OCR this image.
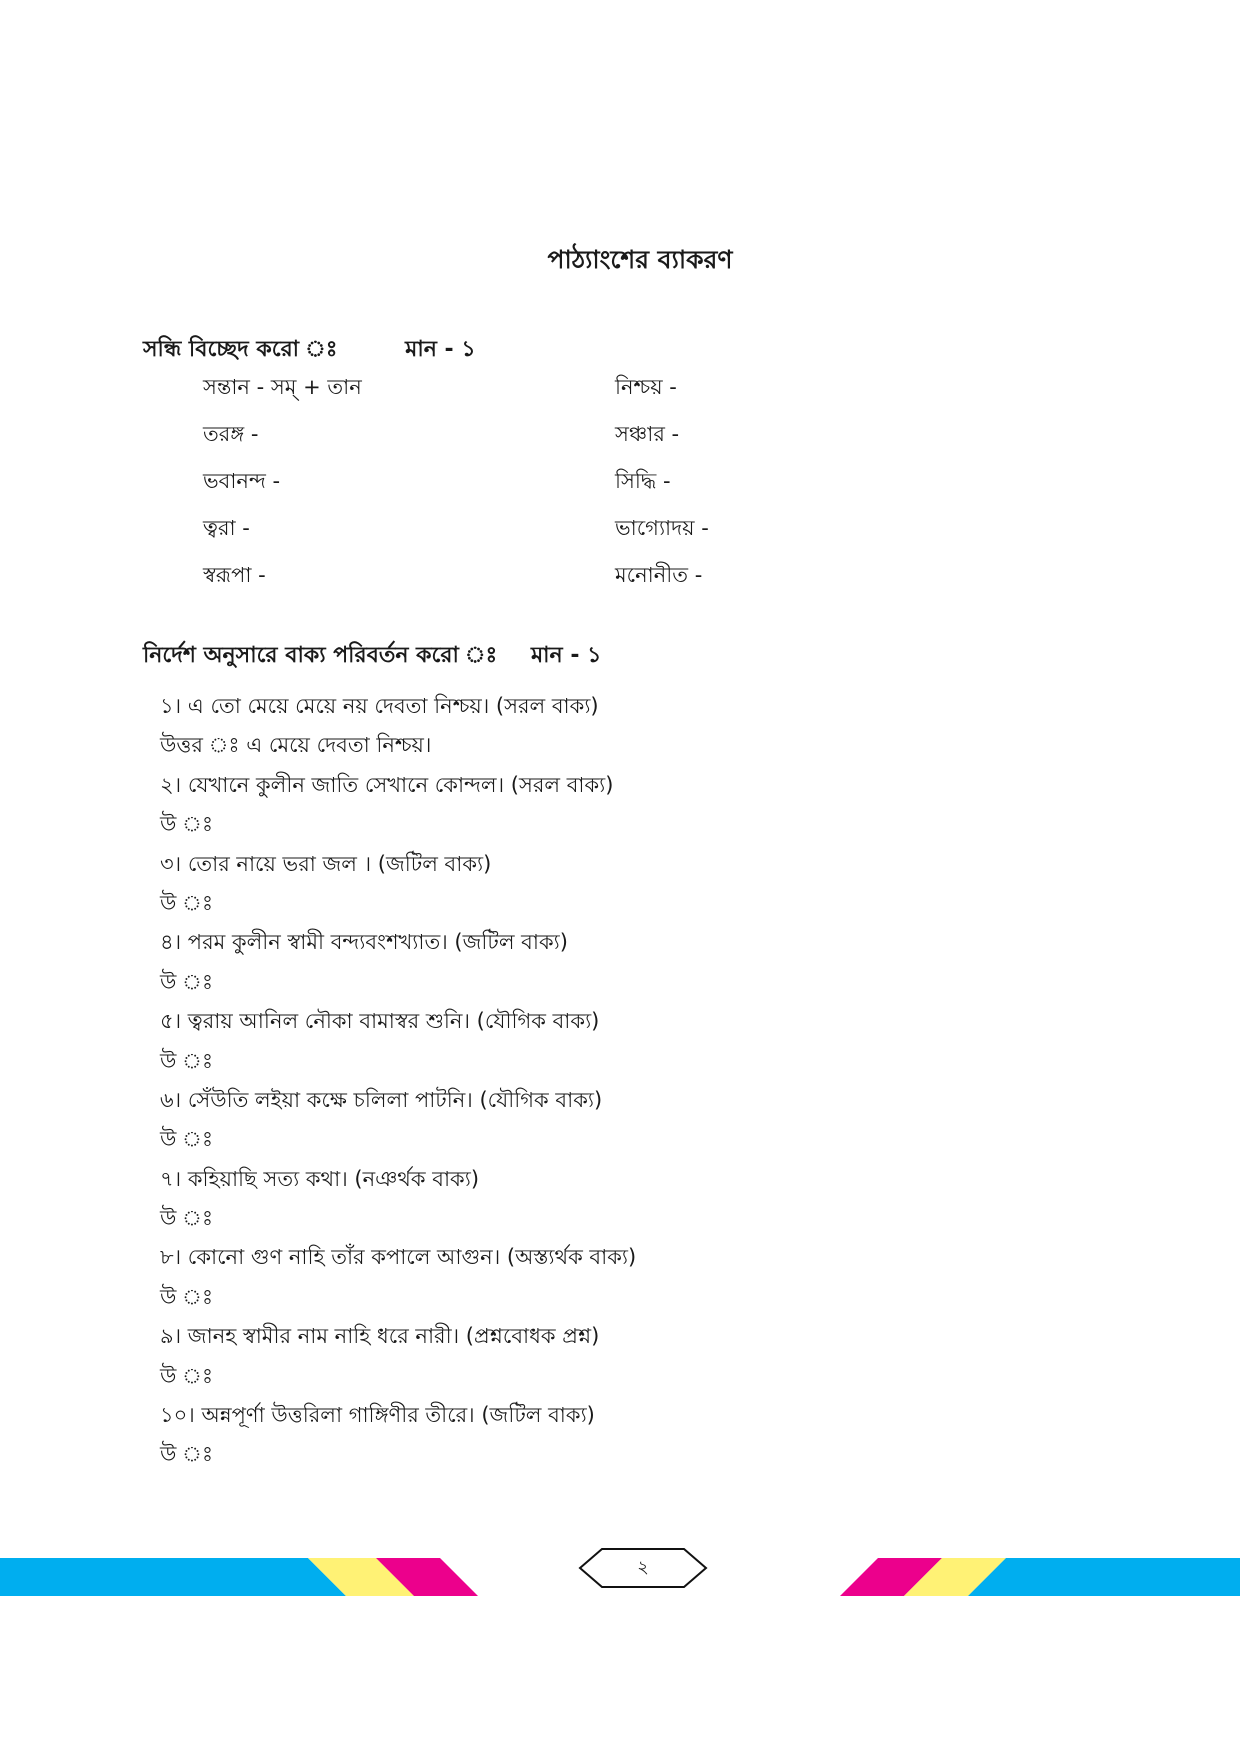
পাঠ্যাংশের ব্যাকরণ
সন্ধি বিচ্ছেদ করো ঃ	মান - ১
সন্তান - সম্ + তান	নিশ্চয় -
তরঙ্গ -	সঞ্চার -
ভবানন্দ -	সিদ্ধি -
ত্বরা -	ভাগ্যোদয় -
স্বরূপা -	মনোনীত -
নির্দেশ অনুসারে বাক্য পরিবর্তন করো ঃ মান - ১
১। এ তো মেয়ে মেয়ে নয় দেবতা নিশ্চয়। (সরল বাক্য)
উত্তর ঃ এ মেয়ে দেবতা নিশ্চয়।
২। যেখানে কুলীন জাতি সেখানে কোন্দল। (সরল বাক্য)
উ ঃ
৩। তোর নায়ে ভরা জল । (জটিল বাক্য)
উ ঃ
৪। পরম কুলীন স্বামী বন্দ্যবংশখ্যাত। (জটিল বাক্য)
উ ঃ
৫। ত্বরায় আনিল নৌকা বামাস্বর শুনি। (যৌগিক বাক্য)
উ ঃ
৬। সেঁউতি লইয়া কক্ষে চলিলা পাটনি। (যৌগিক বাক্য)
উ ঃ
৭। কহিয়াছি সত্য কথা। (নঞর্থক বাক্য)
উ ঃ
৮। কোনো গুণ নাহি তাঁর কপালে আগুন। (অস্ত্যর্থক বাক্য)
উ ঃ
৯। জানহ স্বামীর নাম নাহি ধরে নারী। (প্রশ্নবোধক প্রশ্ন)
উ ঃ
১০। অন্নপূর্ণা উত্তরিলা গাঙ্গিণীর তীরে। (জটিল বাক্য)
উ ঃ
২
